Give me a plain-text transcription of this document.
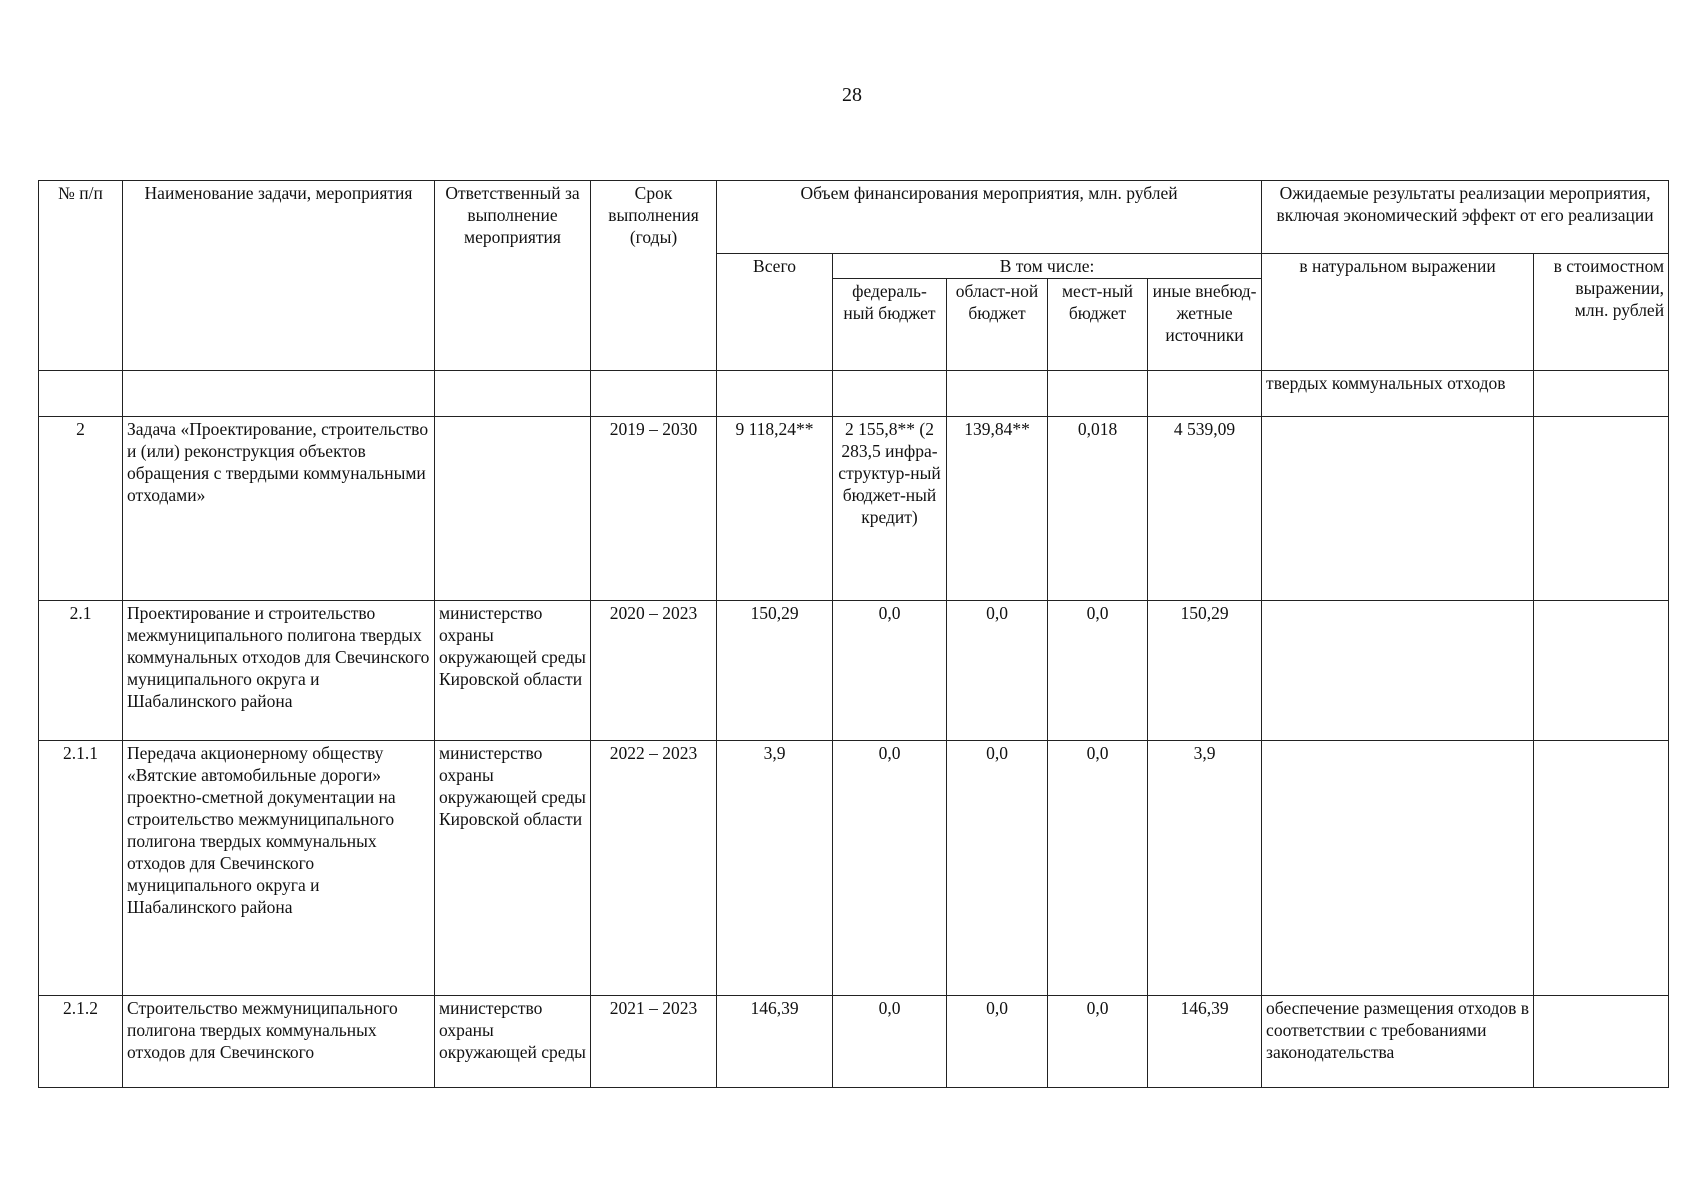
28
№ п/п	Наименование задачи, мероприятия	Ответственный за выполнение мероприятия	Срок выполнения (годы)	Объем финансирования мероприятия, млн. рублей					Ожидаемые результаты реализации мероприятия, включая экономический эффект от его реализации	
				Всего	В том числе:				в натуральном выражении	в стоимостном выражении, млн. рублей
					федераль-ный бюджет	област-ной бюджет	мест-ный бюджет	иные внебюд-жетные источники		
									твердых коммунальных отходов	
2	Задача «Проектирование, строительство и (или) реконструкция объектов обращения с твердыми коммунальными отходами»		2019 – 2030	9 118,24**	2 155,8** (2 283,5 инфра-структур-ный бюджет-ный кредит)	139,84**	0,018	4 539,09		
2.1	Проектирование и строительство межмуниципального полигона твердых коммунальных отходов для Свечинского муниципального округа и Шабалинского района	министерство охраны окружающей среды Кировской области	2020 – 2023	150,29	0,0	0,0	0,0	150,29		
2.1.1	Передача акционерному обществу «Вятские автомобильные дороги» проектно-сметной документации на строительство межмуниципального полигона твердых коммунальных отходов для Свечинского муниципального округа и Шабалинского района	министерство охраны окружающей среды Кировской области	2022 – 2023	3,9	0,0	0,0	0,0	3,9		
2.1.2	Строительство межмуниципального полигона твердых коммунальных отходов для Свечинского	министерство охраны окружающей среды	2021 – 2023	146,39	0,0	0,0	0,0	146,39	обеспечение размещения отходов в соответствии с требованиями законодательства	
